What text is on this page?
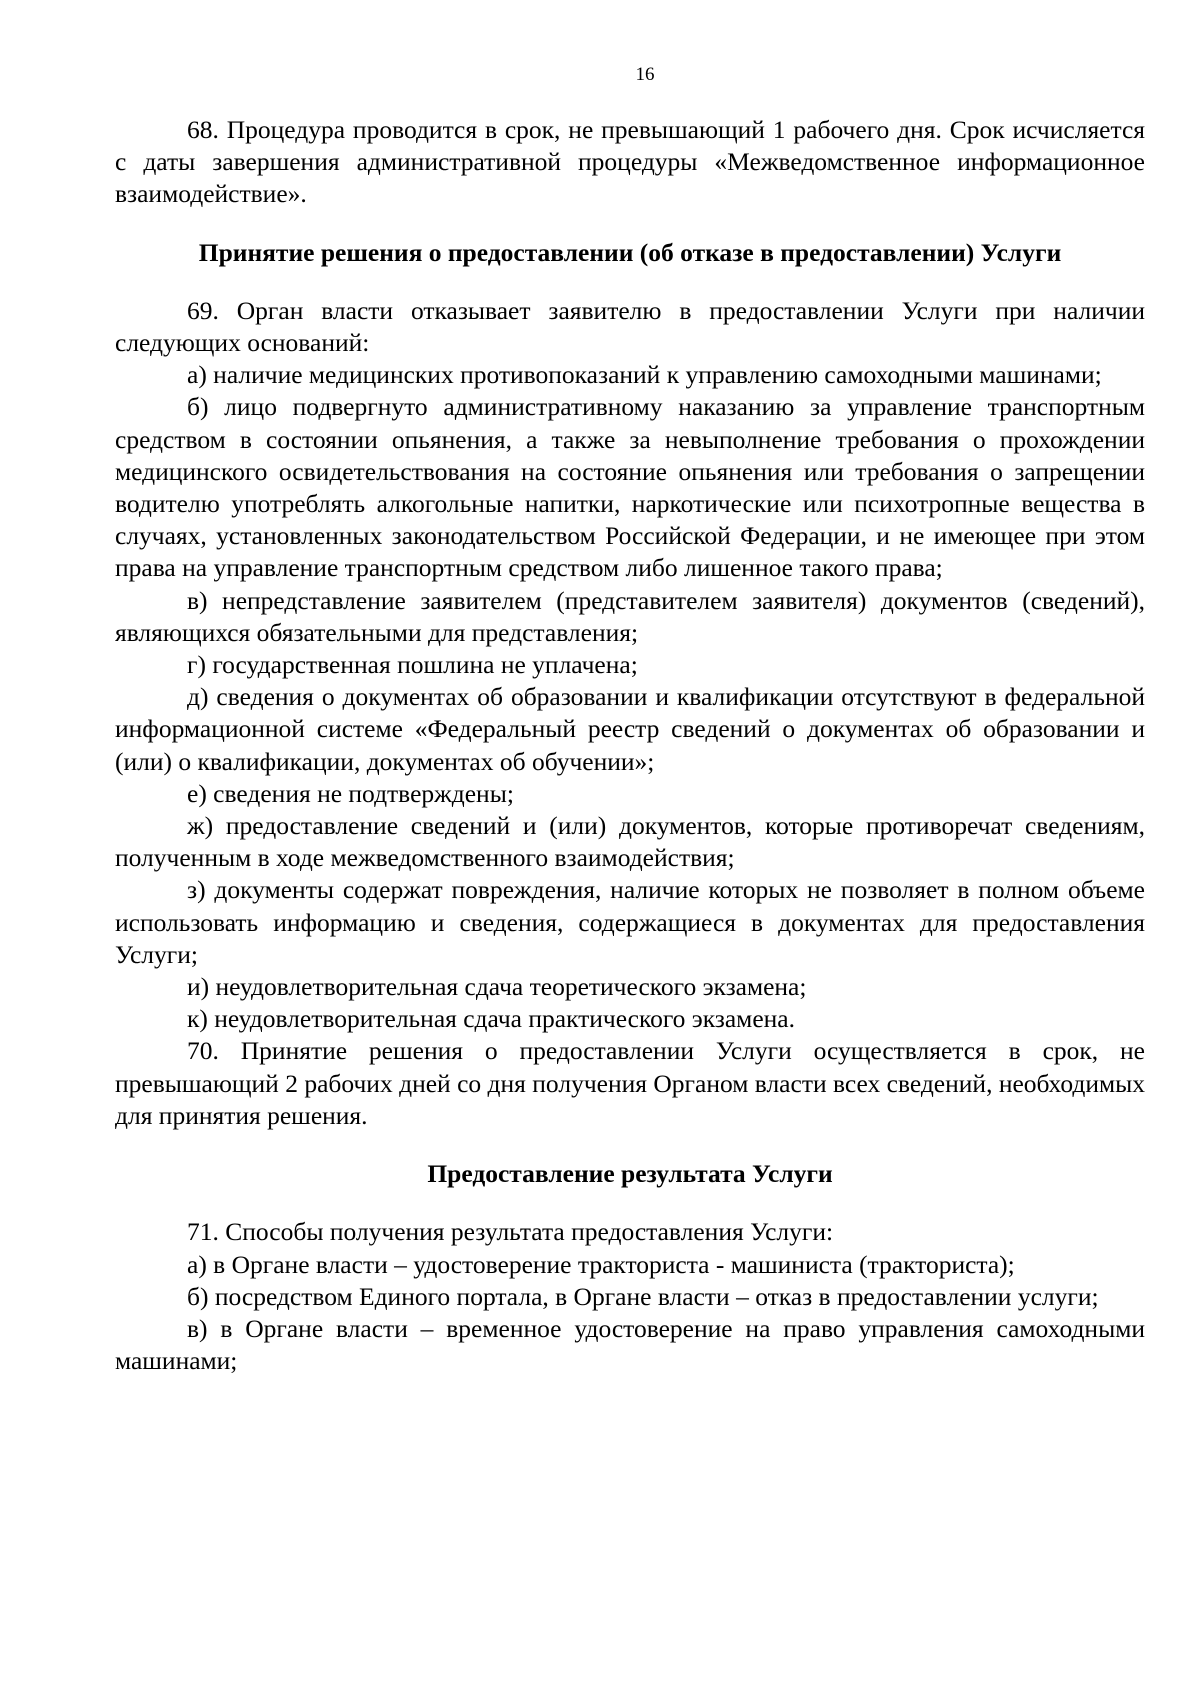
16

68. Процедура проводится в срок, не превышающий 1 рабочего дня. Срок исчисляется с даты завершения административной процедуры «Межведомственное информационное взаимодействие».

Принятие решения о предоставлении (об отказе в предоставлении) Услуги

69. Орган власти отказывает заявителю в предоставлении Услуги при наличии следующих оснований:

а) наличие медицинских противопоказаний к управлению самоходными машинами;

б) лицо подвергнуто административному наказанию за управление транспортным средством в состоянии опьянения, а также за невыполнение требования о прохождении медицинского освидетельствования на состояние опьянения или требования о запрещении водителю употреблять алкогольные напитки, наркотические или психотропные вещества в случаях, установленных законодательством Российской Федерации, и не имеющее при этом права на управление транспортным средством либо лишенное такого права;

в) непредставление заявителем (представителем заявителя) документов (сведений), являющихся обязательными для представления;

г) государственная пошлина не уплачена;

д) сведения о документах об образовании и квалификации отсутствуют в федеральной информационной системе «Федеральный реестр сведений о документах об образовании и (или) о квалификации, документах об обучении»;

е) сведения не подтверждены;

ж) предоставление сведений и (или) документов, которые противоречат сведениям, полученным в ходе межведомственного взаимодействия;

з) документы содержат повреждения, наличие которых не позволяет в полном объеме использовать информацию и сведения, содержащиеся в документах для предоставления Услуги;

и) неудовлетворительная сдача теоретического экзамена;

к) неудовлетворительная сдача практического экзамена.

70. Принятие решения о предоставлении Услуги осуществляется в срок, не превышающий 2 рабочих дней со дня получения Органом власти всех сведений, необходимых для принятия решения.

Предоставление результата Услуги

71. Способы получения результата предоставления Услуги:

а) в Органе власти – удостоверение тракториста - машиниста (тракториста);

б) посредством Единого портала, в Органе власти – отказ в предоставлении услуги;

в) в Органе власти – временное удостоверение на право управления самоходными машинами;
